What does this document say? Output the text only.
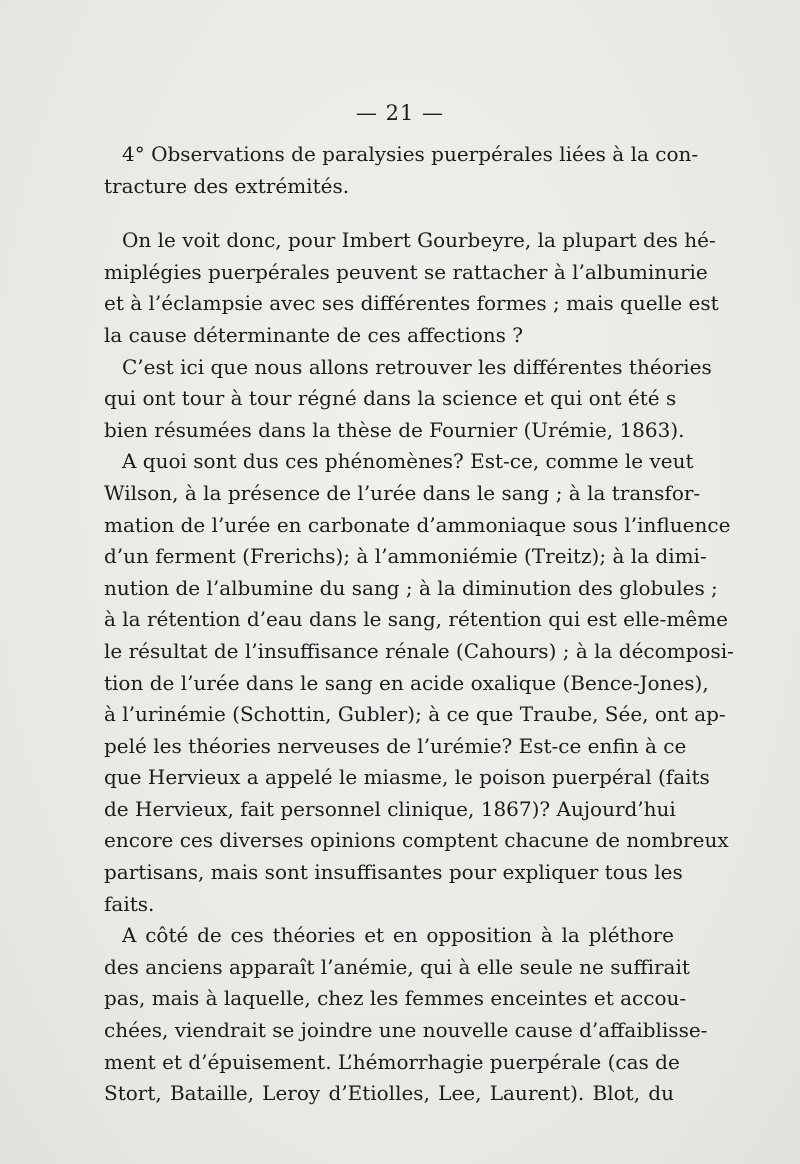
— 21 —

4° Observations de paralysies puerpérales liées à la con-
tracture des extrémités.

On le voit donc, pour Imbert Gourbeyre, la plupart des hé-
miplégies puerpérales peuvent se rattacher à l’albuminurie
et à l’éclampsie avec ses différentes formes ; mais quelle est
la cause déterminante de ces affections ?

C’est ici que nous allons retrouver les différentes théories
qui ont tour à tour régné dans la science et qui ont été s
bien résumées dans la thèse de Fournier (Urémie, 1863).

A quoi sont dus ces phénomènes? Est-ce, comme le veut
Wilson, à la présence de l’urée dans le sang ; à la transfor-
mation de l’urée en carbonate d’ammoniaque sous l’influence
d’un ferment (Frerichs); à l’ammoniémie (Treitz); à la dimi-
nution de l’albumine du sang ; à la diminution des globules ;
à la rétention d’eau dans le sang, rétention qui est elle-même
le résultat de l’insuffisance rénale (Cahours) ; à la décomposi-
tion de l’urée dans le sang en acide oxalique (Bence-Jones),
à l’urinémie (Schottin, Gubler); à ce que Traube, Sée, ont ap-
pelé les théories nerveuses de l’urémie? Est-ce enfin à ce
que Hervieux a appelé le miasme, le poison puerpéral (faits
de Hervieux, fait personnel clinique, 1867)? Aujourd’hui
encore ces diverses opinions comptent chacune de nombreux
partisans, mais sont insuffisantes pour expliquer tous les
faits.

A côté de ces théories et en opposition à la pléthore
des anciens apparaît l’anémie, qui à elle seule ne suffirait
pas, mais à laquelle, chez les femmes enceintes et accou-
chées, viendrait se joindre une nouvelle cause d’affaiblisse-
ment et d’épuisement. L’hémorrhagie puerpérale (cas de
Stort, Bataille, Leroy d’Etiolles, Lee, Laurent). Blot, du
